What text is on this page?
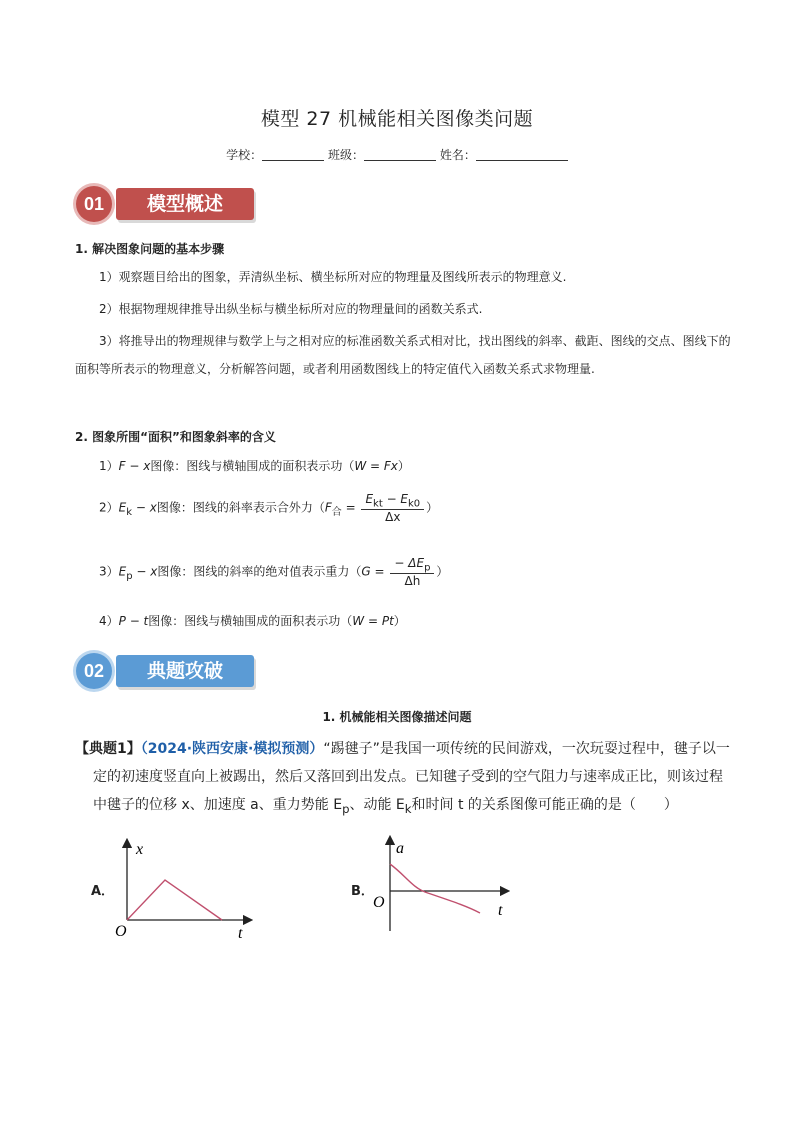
模型 27 机械能相关图像类问题
学校：	班级：	姓名：
01	模型概述
1. 解决图象问题的基本步骤
1）观察题目给出的图象，弄清纵坐标、横坐标所对应的物理量及图线所表示的物理意义.
2）根据物理规律推导出纵坐标与横坐标所对应的物理量间的函数关系式.
3）将推导出的物理规律与数学上与之相对应的标准函数关系式相对比，找出图线的斜率、截距、图线的交点、图线下的面积等所表示的物理意义，分析解答问题，或者利用函数图线上的特定值代入函数关系式求物理量.
2. 图象所围“面积”和图象斜率的含义
1）F − x图像：图线与横轴围成的面积表示功（W = Fx）
$2)E_k - x$图像：图线的斜率表示合外力（$F_合 = \frac{E_{kt} - E_{k0}}{\Delta x}$ ）
$3)E_p - x$图像：图线的斜率的绝对值表示重力（$G = \frac{- \Delta E_p}{\Delta h}$ ）
4）P − t图像：图线与横轴围成的面积表示功（W = Pt）
02	典题攻破
1. 机械能相关图像描述问题
【典题1】（2024·陕西安康·模拟预测）“踢毽子”是我国一项传统的民间游戏，一次玩耍过程中，毽子以一
定的初速度竖直向上被踢出，然后又落回到出发点。已知毽子受到的空气阻力与速率成正比，则该过程
中毽子的位移 x、加速度 a、重力势能 $E_p$、动能 $E_k$和时间 t 的关系图像可能正确的是（　　）
A．
x
t
O
B．
a
t
O
